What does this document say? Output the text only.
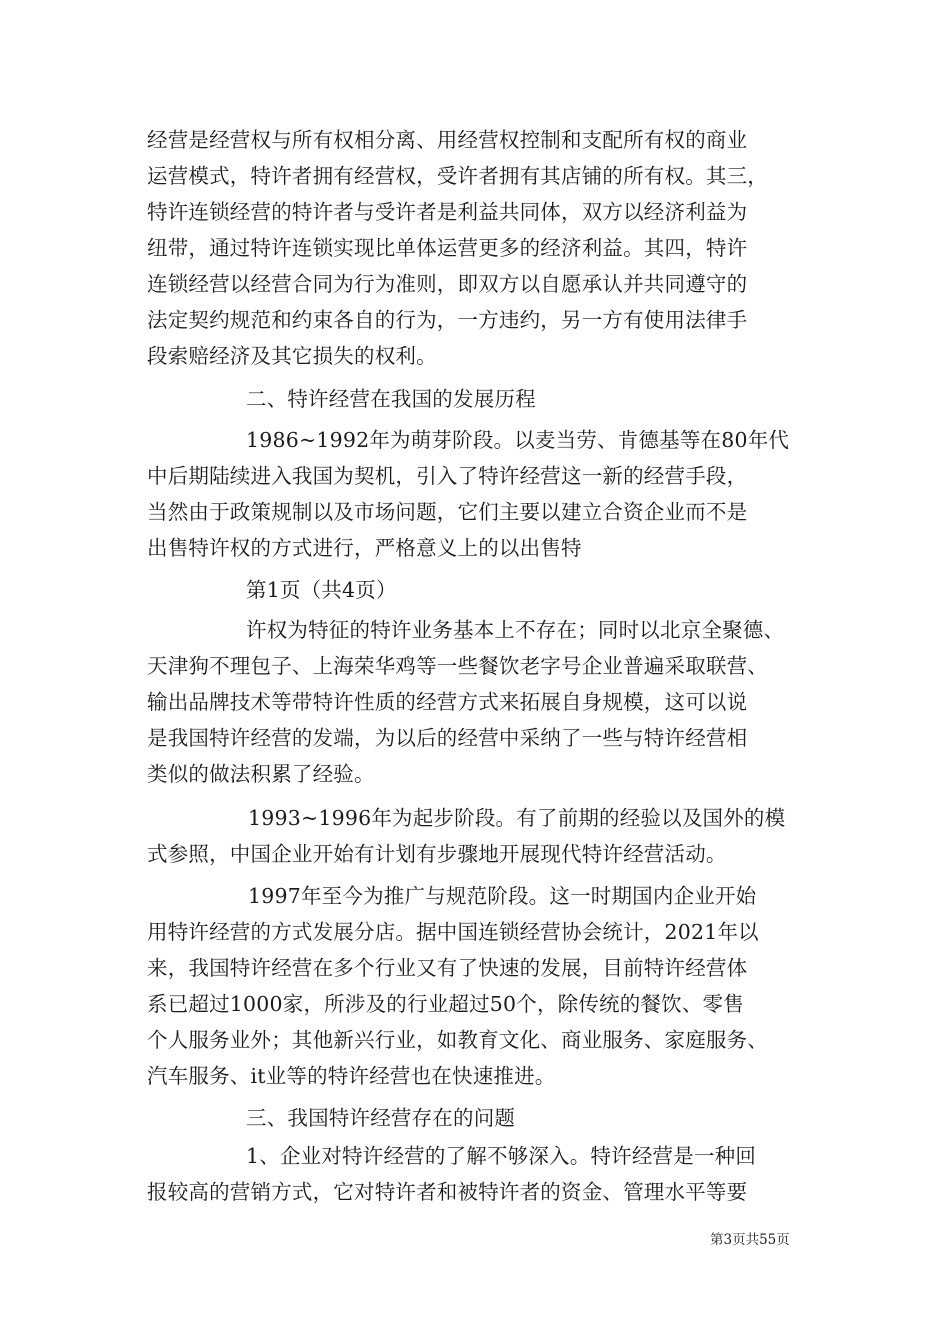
经营是经营权与所有权相分离、用经营权控制和支配所有权的商业
运营模式，特许者拥有经营权，受许者拥有其店铺的所有权。其三，
特许连锁经营的特许者与受许者是利益共同体，双方以经济利益为
纽带，通过特许连锁实现比单体运营更多的经济利益。其四，特许
连锁经营以经营合同为行为准则，即双方以自愿承认并共同遵守的
法定契约规范和约束各自的行为，一方违约，另一方有使用法律手
段索赔经济及其它损失的权利。
二、特许经营在我国的发展历程
1986~1992年为萌芽阶段。以麦当劳、肯德基等在80年代
中后期陆续进入我国为契机，引入了特许经营这一新的经营手段，
当然由于政策规制以及市场问题，它们主要以建立合资企业而不是
出售特许权的方式进行，严格意义上的以出售特
第1页（共4页）
许权为特征的特许业务基本上不存在；同时以北京全聚德、
天津狗不理包子、上海荣华鸡等一些餐饮老字号企业普遍采取联营、
输出品牌技术等带特许性质的经营方式来拓展自身规模，这可以说
是我国特许经营的发端，为以后的经营中采纳了一些与特许经营相
类似的做法积累了经验。
1993~1996年为起步阶段。有了前期的经验以及国外的模
式参照，中国企业开始有计划有步骤地开展现代特许经营活动。
1997年至今为推广与规范阶段。这一时期国内企业开始
用特许经营的方式发展分店。据中国连锁经营协会统计，2021年以
来，我国特许经营在多个行业又有了快速的发展，目前特许经营体
系已超过1000家，所涉及的行业超过50个，除传统的餐饮、零售
个人服务业外；其他新兴行业，如教育文化、商业服务、家庭服务、
汽车服务、it业等的特许经营也在快速推进。
三、我国特许经营存在的问题
1、企业对特许经营的了解不够深入。特许经营是一种回
报较高的营销方式，它对特许者和被特许者的资金、管理水平等要
第3页共55页
